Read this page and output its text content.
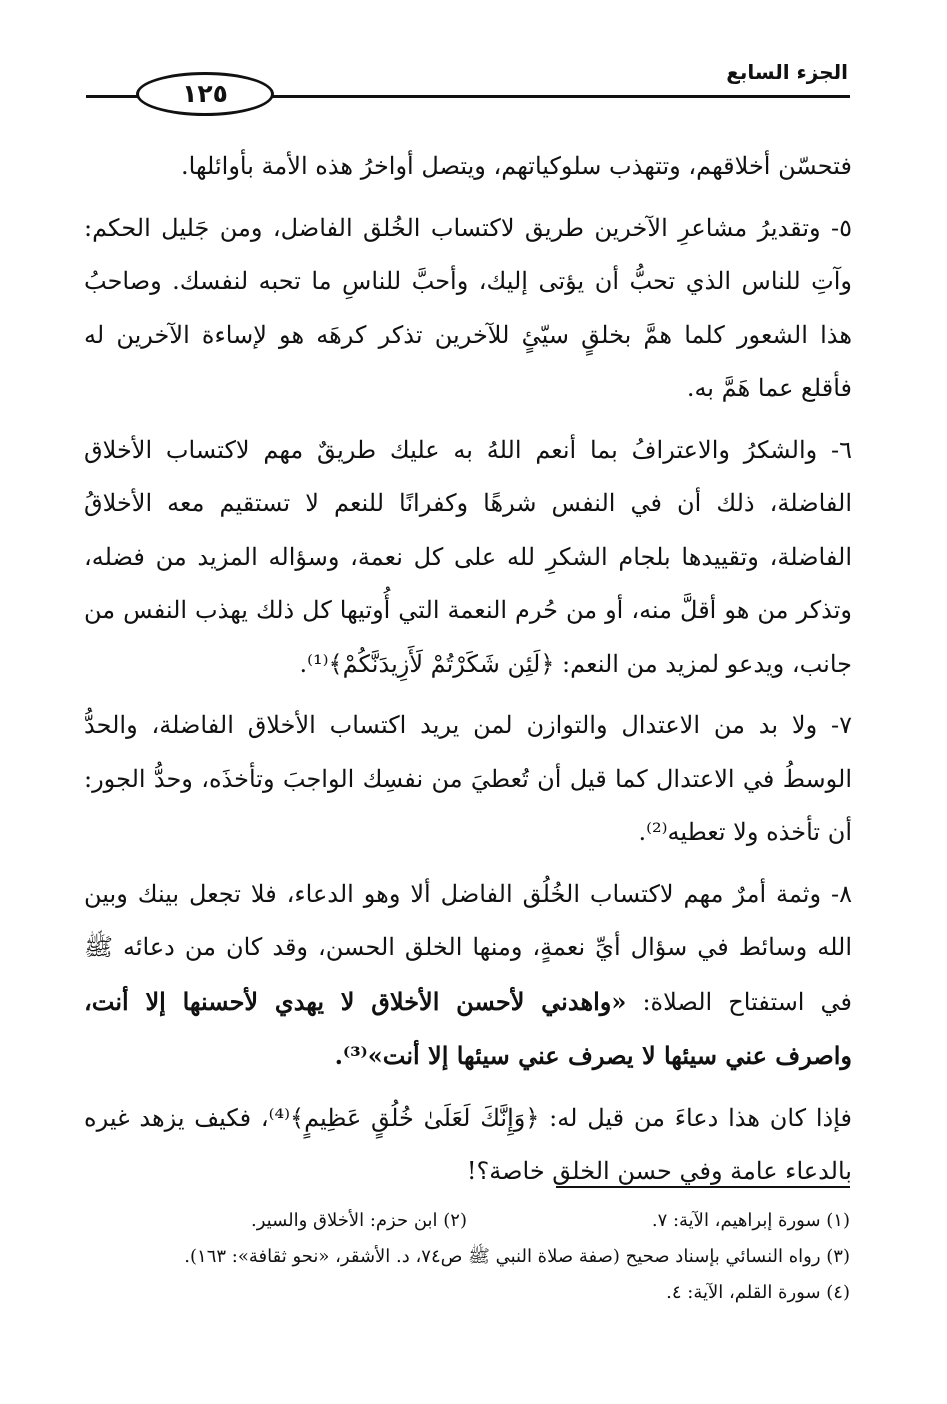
١٢٥
الجزء السابع

فتحسّن أخلاقهم، وتتهذب سلوكياتهم، ويتصل أواخرُ هذه الأمة بأوائلها.

٥- وتقديرُ مشاعرِ الآخرين طريق لاكتساب الخُلق الفاضل، ومن جَليل الحكم: وآتِ للناس الذي تحبُّ أن يؤتى إليك، وأحبَّ للناسِ ما تحبه لنفسك. وصاحبُ هذا الشعور كلما همَّ بخلقٍ سيّئٍ للآخرين تذكر كرهَه هو لإساءة الآخرين له فأقلع عما هَمَّ به.

٦- والشكرُ والاعترافُ بما أنعم اللهُ به عليك طريقٌ مهم لاكتساب الأخلاق الفاضلة، ذلك أن في النفس شرهًا وكفرانًا للنعم لا تستقيم معه الأخلاقُ الفاضلة، وتقييدها بلجام الشكرِ لله على كل نعمة، وسؤاله المزيد من فضله، وتذكر من هو أقلَّ منه، أو من حُرم النعمة التي أُوتيها كل ذلك يهذب النفس من جانب، ويدعو لمزيد من النعم: ﴿لَئِن شَكَرْتُمْ لَأَزِيدَنَّكُمْ﴾⁽¹⁾.

٧- ولا بد من الاعتدال والتوازن لمن يريد اكتساب الأخلاق الفاضلة، والحدُّ الوسطُ في الاعتدال كما قيل أن تُعطيَ من نفسِك الواجبَ وتأخذَه، وحدُّ الجور: أن تأخذه ولا تعطيه⁽²⁾.

٨- وثمة أمرٌ مهم لاكتساب الخُلُق الفاضل ألا وهو الدعاء، فلا تجعل بينك وبين الله وسائط في سؤال أيِّ نعمةٍ، ومنها الخلق الحسن، وقد كان من دعائه ﷺ في استفتاح الصلاة: «واهدني لأحسن الأخلاق لا يهدي لأحسنها إلا أنت، واصرف عني سيئها لا يصرف عني سيئها إلا أنت»⁽³⁾.

فإذا كان هذا دعاءَ من قيل له: ﴿وَإِنَّكَ لَعَلَىٰ خُلُقٍ عَظِيمٍ﴾⁽⁴⁾، فكيف يزهد غيره بالدعاء عامة وفي حسن الخلق خاصة؟!

(١) سورة إبراهيم، الآية: ٧.
(٢) ابن حزم: الأخلاق والسير.
(٣) رواه النسائي بإسناد صحيح (صفة صلاة النبي ﷺ ص٧٤، د. الأشقر، «نحو ثقافة»: ١٦٣).
(٤) سورة القلم، الآية: ٤.
